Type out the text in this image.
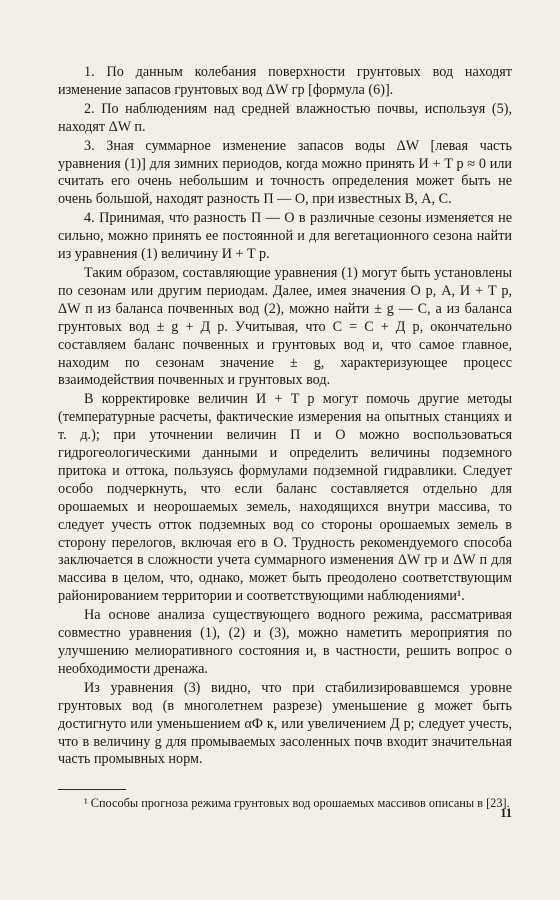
1. По данным колебания поверхности грунтовых вод находят изменение запасов грунтовых вод ΔW гр [формула (6)].

2. По наблюдениям над средней влажностью почвы, используя (5), находят ΔW п.

3. Зная суммарное изменение запасов воды ΔW [левая часть уравнения (1)] для зимних периодов, когда можно принять И + T р ≈ 0 или считать его очень небольшим и точность определения может быть не очень большой, находят разность П — О, при известных В, А, С.

4. Принимая, что разность П — О в различные сезоны изменяется не сильно, можно принять ее постоянной и для вегетационного сезона найти из уравнения (1) величину И + T р.

Таким образом, составляющие уравнения (1) могут быть установлены по сезонам или другим периодам. Далее, имея значения О р, А, И + T р, ΔW п из баланса почвенных вод (2), можно найти ± g — С, а из баланса грунтовых вод ± g + Д р. Учитывая, что С = С + Д р, окончательно составляем баланс почвенных и грунтовых вод и, что самое главное, находим по сезонам значение ± g, характеризующее процесс взаимодействия почвенных и грунтовых вод.

В корректировке величин И + T р могут помочь другие методы (температурные расчеты, фактические измерения на опытных станциях и т. д.); при уточнении величин П и О можно воспользоваться гидрогеологическими данными и определить величины подземного притока и оттока, пользуясь формулами подземной гидравлики. Следует особо подчеркнуть, что если баланс составляется отдельно для орошаемых и неорошаемых земель, находящихся внутри массива, то следует учесть отток подземных вод со стороны орошаемых земель в сторону перелогов, включая его в О. Трудность рекомендуемого способа заключается в сложности учета суммарного изменения ΔW гр и ΔW п для массива в целом, что, однако, может быть преодолено соответствующим районированием территории и соответствующими наблюдениями¹.

На основе анализа существующего водного режима, рассматривая совместно уравнения (1), (2) и (3), можно наметить мероприятия по улучшению мелиоративного состояния и, в частности, решить вопрос о необходимости дренажа.

Из уравнения (3) видно, что при стабилизировавшемся уровне грунтовых вод (в многолетнем разрезе) уменьшение g может быть достигнуто или уменьшением αФ к, или увеличением Д р; следует учесть, что в величину g для промываемых засоленных почв входит значительная часть промывных норм.

¹ Способы прогноза режима грунтовых вод орошаемых массивов описаны в [23].

11
